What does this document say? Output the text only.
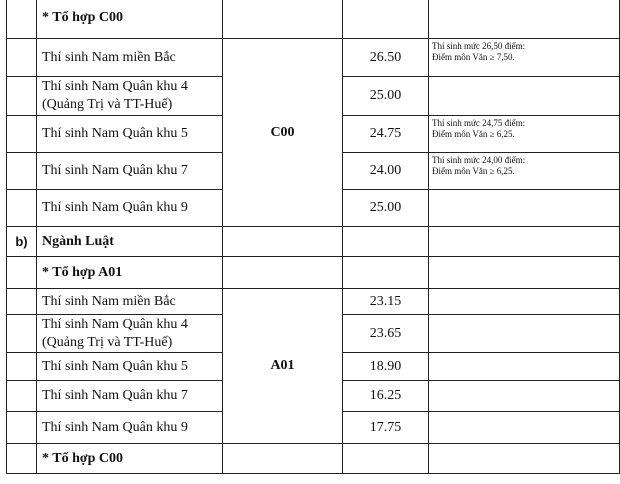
	* Tổ hợp C00			
	Thí sinh Nam miền Bắc	C00	26.50	Thí sinh mức 26,50 điểm:
Điểm môn Văn ≥ 7,50.

	Thí sinh Nam Quân khu 4
(Quảng Trị và TT-Huế)		25.00	
	Thí sinh Nam Quân khu 5		24.75	Thí sinh mức 24,75 điểm:
Điểm môn Văn ≥ 6,25.

	Thí sinh Nam Quân khu 7		24.00	Thí sinh mức 24,00 điểm:
Điểm môn Văn ≥ 6,25.

	Thí sinh Nam Quân khu 9		25.00	
b)	Ngành Luật			
	* Tổ hợp A01			
	Thí sinh Nam miền Bắc	A01	23.15	

	Thí sinh Nam Quân khu 4
(Quảng Trị và TT-Huế)		23.65	
	Thí sinh Nam Quân khu 5		18.90	
	Thí sinh Nam Quân khu 7		16.25	
	Thí sinh Nam Quân khu 9		17.75	
	* Tổ hợp C00			
